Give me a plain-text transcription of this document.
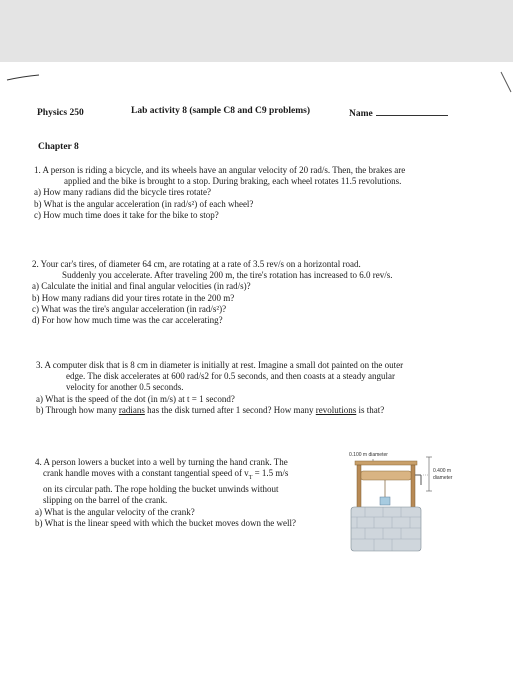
Physics 250	Lab activity 8 (sample C8 and C9 problems)	Name
Chapter 8
1. A person is riding a bicycle, and its wheels have an angular velocity of 20 rad/s. Then, the brakes are
applied and the bike is brought to a stop. During braking, each wheel rotates 11.5 revolutions.
a) How many radians did the bicycle tires rotate?
b) What is the angular acceleration (in rad/s²) of each wheel?
c) How much time does it take for the bike to stop?
2. Your car's tires, of diameter 64 cm, are rotating at a rate of 3.5 rev/s on a horizontal road.
Suddenly you accelerate. After traveling 200 m, the tire's rotation has increased to 6.0 rev/s.
a) Calculate the initial and final angular velocities (in rad/s)?
b) How many radians did your tires rotate in the 200 m?
c) What was the tire's angular acceleration (in rad/s²)?
d) For how how much time was the car accelerating?
3. A computer disk that is 8 cm in diameter is initially at rest. Imagine a small dot painted on the outer
edge. The disk accelerates at 600 rad/s2 for 0.5 seconds, and then coasts at a steady angular
velocity for another 0.5 seconds.
a) What is the speed of the dot (in m/s) at t = 1 second?
b) Through how many radians has the disk turned after 1 second? How many revolutions is that?
4. A person lowers a bucket into a well by turning the hand crank. The
crank handle moves with a constant tangential speed of $v_T = 1.5$ m/s
on its circular path. The rope holding the bucket unwinds without
slipping on the barrel of the crank.
a) What is the angular velocity of the crank?
b) What is the linear speed with which the bucket moves down the well?
0.100 m diameter
0.400 m
diameter
